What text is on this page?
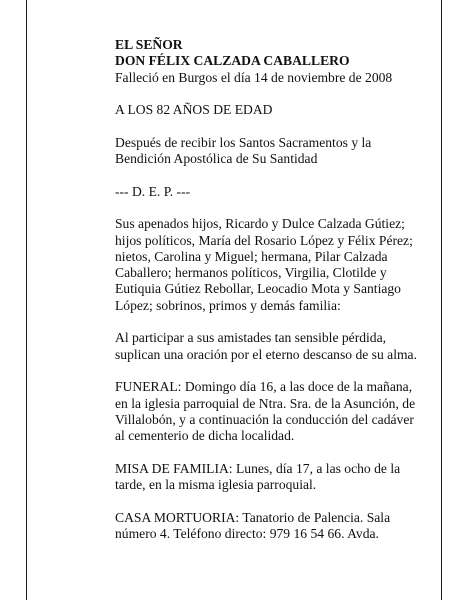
EL SEÑOR
DON FÉLIX CALZADA CABALLERO
Falleció en Burgos el día 14 de noviembre de 2008

A LOS 82 AÑOS DE EDAD

Después de recibir los Santos Sacramentos y la
Bendición Apostólica de Su Santidad

--- D. E. P. ---

Sus apenados hijos, Ricardo y Dulce Calzada Gútiez;
hijos políticos, María del Rosario López y Félix Pérez;
nietos, Carolina y Miguel; hermana, Pilar Calzada
Caballero; hermanos políticos, Virgilia, Clotilde y
Eutiquia Gútiez Rebollar, Leocadio Mota y Santiago
López; sobrinos, primos y demás familia:

Al participar a sus amistades tan sensible pérdida,
suplican una oración por el eterno descanso de su alma.

FUNERAL: Domingo día 16, a las doce de la mañana,
en la iglesia parroquial de Ntra. Sra. de la Asunción, de
Villalobón, y a continuación la conducción del cadáver
al cementerio de dicha localidad.

MISA DE FAMILIA: Lunes, día 17, a las ocho de la
tarde, en la misma iglesia parroquial.

CASA MORTUORIA: Tanatorio de Palencia. Sala
número 4. Teléfono directo: 979 16 54 66. Avda.
